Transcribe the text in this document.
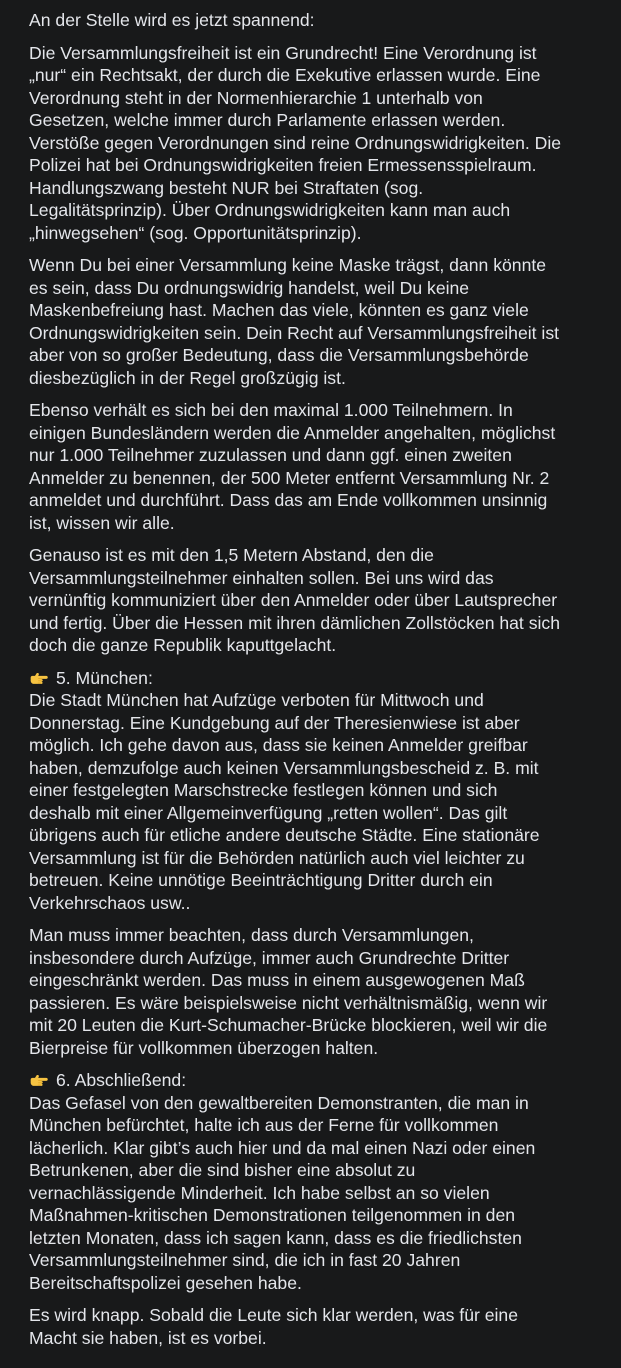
An der Stelle wird es jetzt spannend:
Die Versammlungsfreiheit ist ein Grundrecht! Eine Verordnung ist
„nur“ ein Rechtsakt, der durch die Exekutive erlassen wurde. Eine
Verordnung steht in der Normenhierarchie 1 unterhalb von
Gesetzen, welche immer durch Parlamente erlassen werden.
Verstöße gegen Verordnungen sind reine Ordnungswidrigkeiten. Die
Polizei hat bei Ordnungswidrigkeiten freien Ermessensspielraum.
Handlungszwang besteht NUR bei Straftaten (sog.
Legalitätsprinzip). Über Ordnungswidrigkeiten kann man auch
„hinwegsehen“ (sog. Opportunitätsprinzip).
Wenn Du bei einer Versammlung keine Maske trägst, dann könnte
es sein, dass Du ordnungswidrig handelst, weil Du keine
Maskenbefreiung hast. Machen das viele, könnten es ganz viele
Ordnungswidrigkeiten sein. Dein Recht auf Versammlungsfreiheit ist
aber von so großer Bedeutung, dass die Versammlungsbehörde
diesbezüglich in der Regel großzügig ist.
Ebenso verhält es sich bei den maximal 1.000 Teilnehmern. In
einigen Bundesländern werden die Anmelder angehalten, möglichst
nur 1.000 Teilnehmer zuzulassen und dann ggf. einen zweiten
Anmelder zu benennen, der 500 Meter entfernt Versammlung Nr. 2
anmeldet und durchführt. Dass das am Ende vollkommen unsinnig
ist, wissen wir alle.
Genauso ist es mit den 1,5 Metern Abstand, den die
Versammlungsteilnehmer einhalten sollen. Bei uns wird das
vernünftig kommuniziert über den Anmelder oder über Lautsprecher
und fertig. Über die Hessen mit ihren dämlichen Zollstöcken hat sich
doch die ganze Republik kaputtgelacht.
5. München:
Die Stadt München hat Aufzüge verboten für Mittwoch und
Donnerstag. Eine Kundgebung auf der Theresienwiese ist aber
möglich. Ich gehe davon aus, dass sie keinen Anmelder greifbar
haben, demzufolge auch keinen Versammlungsbescheid z. B. mit
einer festgelegten Marschstrecke festlegen können und sich
deshalb mit einer Allgemeinverfügung „retten wollen“. Das gilt
übrigens auch für etliche andere deutsche Städte. Eine stationäre
Versammlung ist für die Behörden natürlich auch viel leichter zu
betreuen. Keine unnötige Beeinträchtigung Dritter durch ein
Verkehrschaos usw..
Man muss immer beachten, dass durch Versammlungen,
insbesondere durch Aufzüge, immer auch Grundrechte Dritter
eingeschränkt werden. Das muss in einem ausgewogenen Maß
passieren. Es wäre beispielsweise nicht verhältnismäßig, wenn wir
mit 20 Leuten die Kurt-Schumacher-Brücke blockieren, weil wir die
Bierpreise für vollkommen überzogen halten.
6. Abschließend:
Das Gefasel von den gewaltbereiten Demonstranten, die man in
München befürchtet, halte ich aus der Ferne für vollkommen
lächerlich. Klar gibt’s auch hier und da mal einen Nazi oder einen
Betrunkenen, aber die sind bisher eine absolut zu
vernachlässigende Minderheit. Ich habe selbst an so vielen
Maßnahmen-kritischen Demonstrationen teilgenommen in den
letzten Monaten, dass ich sagen kann, dass es die friedlichsten
Versammlungsteilnehmer sind, die ich in fast 20 Jahren
Bereitschaftspolizei gesehen habe.
Es wird knapp. Sobald die Leute sich klar werden, was für eine
Macht sie haben, ist es vorbei.
